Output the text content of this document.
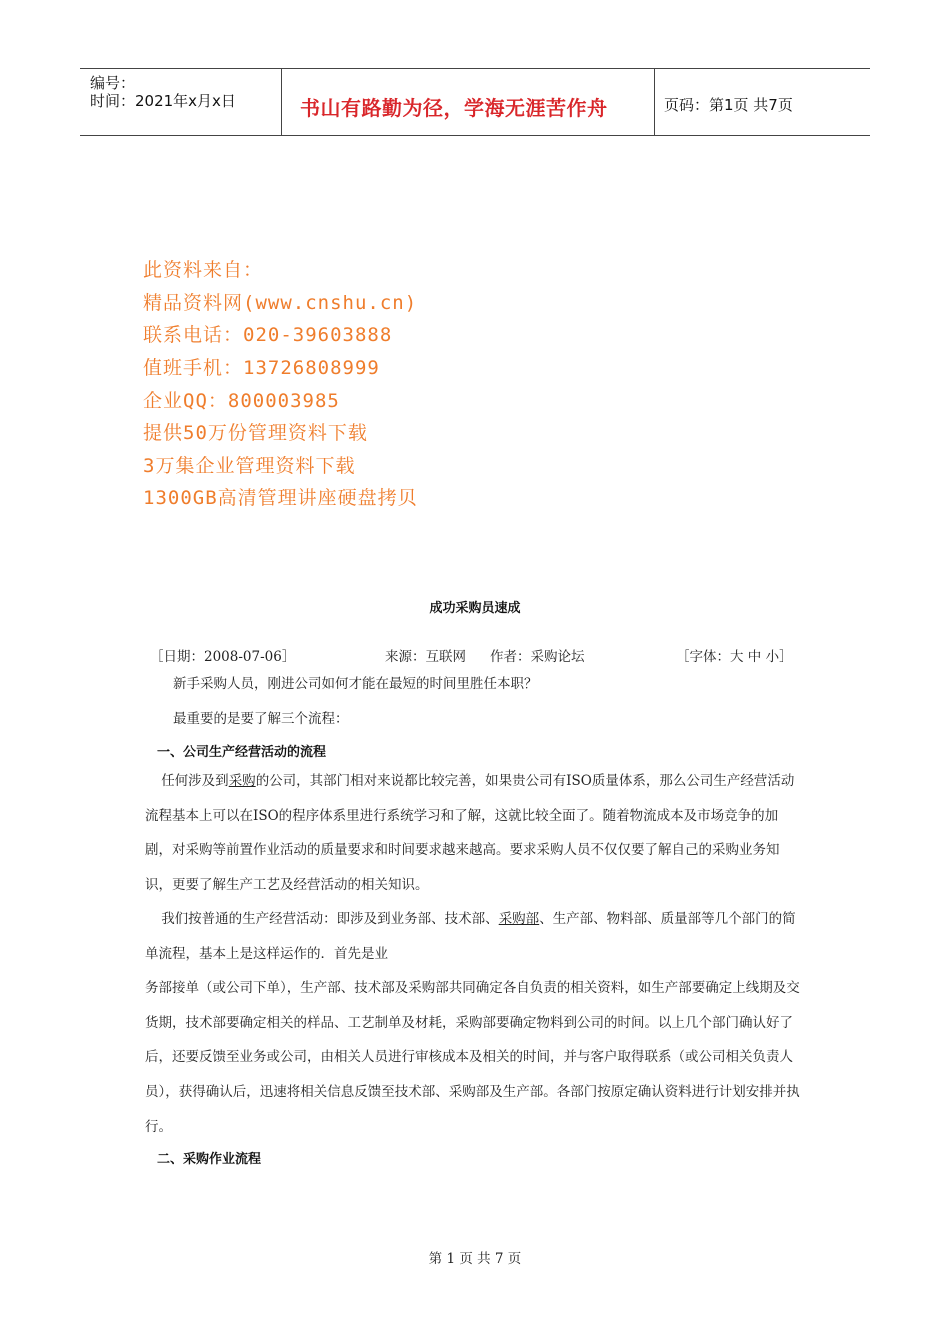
编号：
时间：2021年x月x日	书山有路勤为径，学海无涯苦作舟	页码：第1页 共7页
此资料来自：
精品资料网(www.cnshu.cn)
联系电话：020-39603888
值班手机：13726808999
企业QQ：800003985
提供50万份管理资料下载
3万集企业管理资料下载
1300GB高清管理讲座硬盘拷贝
成功采购员速成
［日期：2008-07-06］	来源：互联网 作者：采购论坛	［字体：大 中 小］
新手采购人员，刚进公司如何才能在最短的时间里胜任本职？
最重要的是要了解三个流程：
一、公司生产经营活动的流程
任何涉及到采购的公司，其部门相对来说都比较完善，如果贵公司有ISO质量体系，那么公司生产经营活动流程基本上可以在ISO的程序体系里进行系统学习和了解，这就比较全面了。随着物流成本及市场竞争的加剧，对采购等前置作业活动的质量要求和时间要求越来越高。要求采购人员不仅仅要了解自己的采购业务知识，更要了解生产工艺及经营活动的相关知识。
我们按普通的生产经营活动：即涉及到业务部、技术部、采购部、生产部、物料部、质量部等几个部门的简单流程，基本上是这样运作的．首先是业
务部接单（或公司下单），生产部、技术部及采购部共同确定各自负责的相关资料，如生产部要确定上线期及交货期，技术部要确定相关的样品、工艺制单及材耗，采购部要确定物料到公司的时间。以上几个部门确认好了后，还要反馈至业务或公司，由相关人员进行审核成本及相关的时间，并与客户取得联系（或公司相关负责人员），获得确认后，迅速将相关信息反馈至技术部、采购部及生产部。各部门按原定确认资料进行计划安排并执行。
二、采购作业流程
第 1 页 共 7 页
